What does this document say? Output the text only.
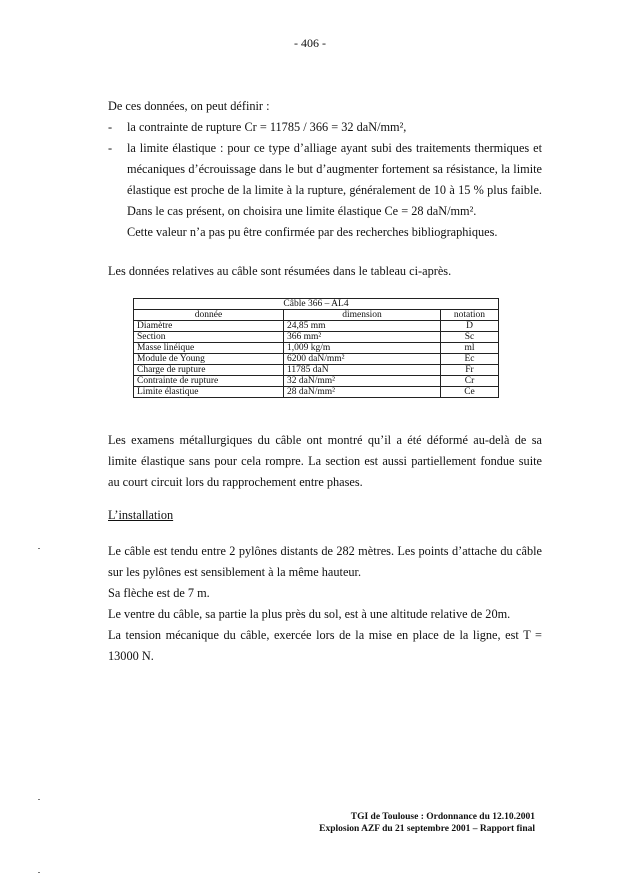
- 406 -

De ces données, on peut définir :

- la contrainte de rupture Cr = 11785 / 366 = 32 daN/mm²,
- la limite élastique : pour ce type d’alliage ayant subi des traitements thermiques et mécaniques d’écrouissage dans le but d’augmenter fortement sa résistance, la limite élastique est proche de la limite à la rupture, généralement de 10 à 15 % plus faible. Dans le cas présent, on choisira une limite élastique Ce = 28 daN/mm².
Cette valeur n’a pas pu être confirmée par des recherches bibliographiques.

Les données relatives au câble sont résumées dans le tableau ci-après.

Câble 366 – AL4		
donnée	dimension	notation
Diamètre	24,85 mm	D
Section	366 mm²	Sc
Masse linéique	1,009 kg/m	ml
Module de Young	6200 daN/mm²	Ec
Charge de rupture	11785 daN	Fr
Contrainte de rupture	32 daN/mm²	Cr
Limite élastique	28 daN/mm²	Ce

Les examens métallurgiques du câble ont montré qu’il a été déformé au-delà de sa limite élastique sans pour cela rompre. La section est aussi partiellement fondue suite au court circuit lors du rapprochement entre phases.

L’installation

Le câble est tendu entre 2 pylônes distants de 282 mètres. Les points d’attache du câble sur les pylônes est sensiblement à la même hauteur.

Sa flèche est de 7 m.

Le ventre du câble, sa partie la plus près du sol, est à une altitude relative de 20m.

La tension mécanique du câble, exercée lors de la mise en place de la ligne, est T = 13000 N.

TGI de Toulouse : Ordonnance du 12.10.2001
Explosion AZF du 21 septembre 2001 – Rapport final
